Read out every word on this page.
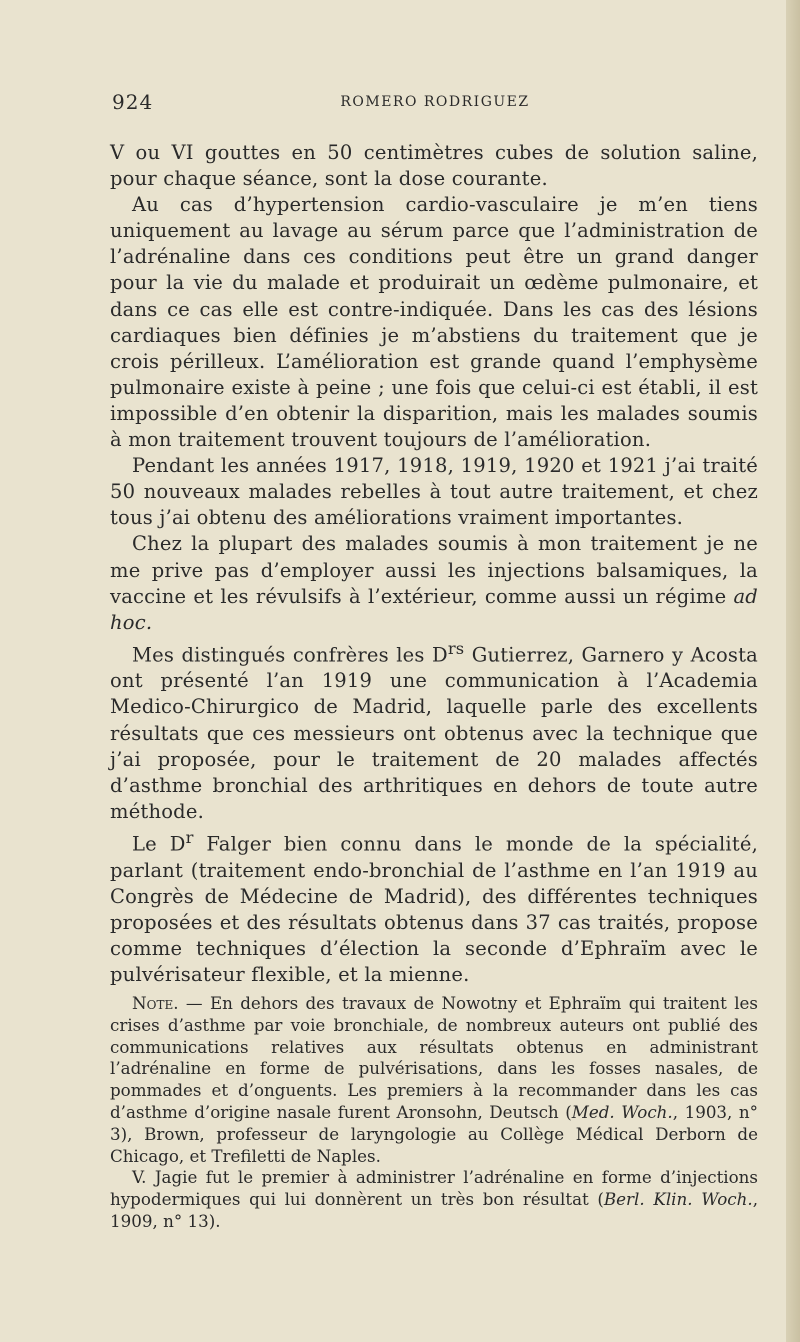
924	ROMERO RODRIGUEZ

V ou VI gouttes en 50 centimètres cubes de solution saline, pour chaque séance, sont la dose courante.

Au cas d’hypertension cardio-vasculaire je m’en tiens uniquement au lavage au sérum parce que l’administration de l’adrénaline dans ces conditions peut être un grand danger pour la vie du malade et produirait un œdème pulmonaire, et dans ce cas elle est contre-indiquée. Dans les cas des lésions cardiaques bien définies je m’abstiens du traitement que je crois périlleux. L’amélioration est grande quand l’emphysème pulmonaire existe à peine ; une fois que celui-ci est établi, il est impossible d’en obtenir la disparition, mais les malades soumis à mon traitement trouvent toujours de l’amélioration.

Pendant les années 1917, 1918, 1919, 1920 et 1921 j’ai traité 50 nouveaux malades rebelles à tout autre traitement, et chez tous j’ai obtenu des améliorations vraiment importantes.

Chez la plupart des malades soumis à mon traitement je ne me prive pas d’employer aussi les injections balsamiques, la vaccine et les révulsifs à l’extérieur, comme aussi un régime ad hoc.

Mes distingués confrères les $D^{rs}$ Gutierrez, Garnero y Acosta ont présenté l’an 1919 une communication à l’Academia Medico-Chirurgico de Madrid, laquelle parle des excellents résultats que ces messieurs ont obtenus avec la technique que j’ai proposée, pour le traitement de 20 malades affectés d’asthme bronchial des arthritiques en dehors de toute autre méthode.

Le $D^r$ Falger bien connu dans le monde de la spécialité, parlant (traitement endo-bronchial de l’asthme en l’an 1919 au Congrès de Médecine de Madrid), des différentes techniques proposées et des résultats obtenus dans 37 cas traités, propose comme techniques d’élection la seconde d’Ephraïm avec le pulvérisateur flexible, et la mienne.

Note. — En dehors des travaux de Nowotny et Ephraïm qui traitent les crises d’asthme par voie bronchiale, de nombreux auteurs ont publié des communications relatives aux résultats obtenus en administrant l’adrénaline en forme de pulvérisations, dans les fosses nasales, de pommades et d’onguents. Les premiers à la recommander dans les cas d’asthme d’origine nasale furent Aronsohn, Deutsch (Med. Woch., 1903, n° 3), Brown, professeur de laryngologie au Collège Médical Derborn de Chicago, et Trefiletti de Naples.

V. Jagie fut le premier à administrer l’adrénaline en forme d’injections hypodermiques qui lui donnèrent un très bon résultat (Berl. Klin. Woch., 1909, n° 13).
